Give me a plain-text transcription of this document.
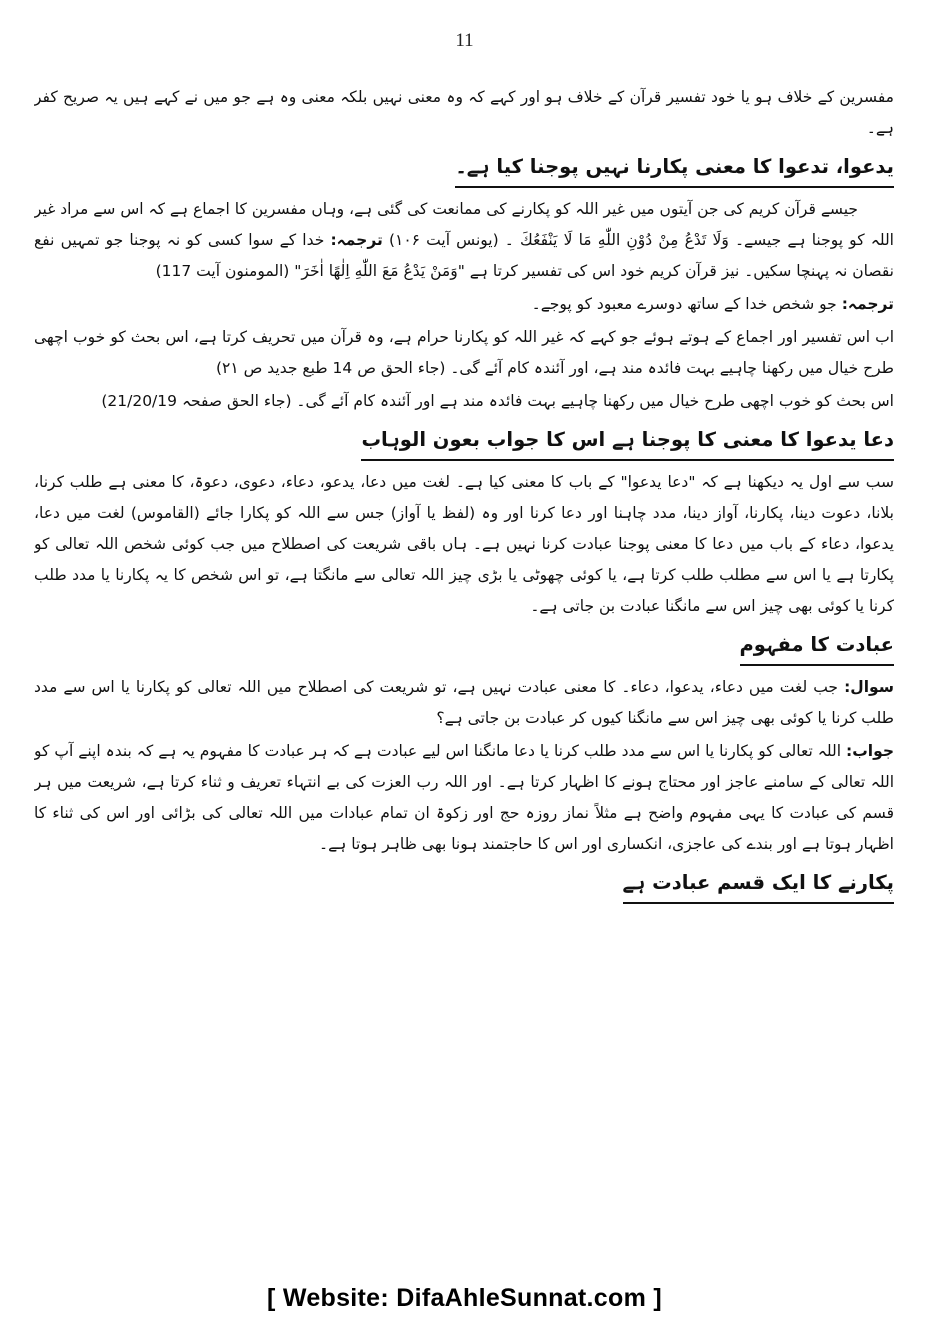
11

مفسرین کے خلاف ہو یا خود تفسیر قرآن کے خلاف ہو اور کہے کہ وہ معنی نہیں بلکہ معنی وہ ہے جو میں نے کہے ہیں یہ صریح کفر ہے۔

یدعوا، تدعوا کا معنی پکارنا نہیں پوجنا کیا ہے۔

جیسے قرآن کریم کی جن آیتوں میں غیر اللہ کو پکارنے کی ممانعت کی گئی ہے، وہاں مفسرین کا اجماع ہے کہ اس سے مراد غیر اللہ کو پوجنا ہے جیسے۔ وَلَا تَدْعُ مِنْ دُوْنِ اللّٰهِ مَا لَا يَنْفَعُكَ ۔ (یونس آیت ۱۰۶) ترجمہ: خدا کے سوا کسی کو نہ پوجنا جو تمہیں نفع نقصان نہ پہنچا سکیں۔ نیز قرآن کریم خود اس کی تفسیر کرتا ہے "وَمَنْ يَدْعُ مَعَ اللّٰهِ اِلٰهًا اٰخَرَ" (المومنون آیت 117)

ترجمہ: جو شخص خدا کے ساتھ دوسرے معبود کو پوجے۔

اب اس تفسیر اور اجماع کے ہوتے ہوئے جو کہے کہ غیر اللہ کو پکارنا حرام ہے، وہ قرآن میں تحریف کرتا ہے، اس بحث کو خوب اچھی طرح خیال میں رکھنا چاہیے بہت فائدہ مند ہے، اور آئندہ کام آئے گی۔ (جاء الحق ص 14 طبع جدید ص ۲۱)

اس بحث کو خوب اچھی طرح خیال میں رکھنا چاہیے بہت فائدہ مند ہے اور آئندہ کام آئے گی۔ (جاء الحق صفحہ 21/20/19)

دعا یدعوا کا معنی کا پوجنا ہے اس کا جواب بعون الوہاب

سب سے اول یہ دیکھنا ہے کہ "دعا یدعوا" کے باب کا معنی کیا ہے۔ لغت میں دعا، یدعو، دعاء، دعوی، دعوۃ، کا معنی ہے طلب کرنا، بلانا، دعوت دینا، پکارنا، آواز دینا، مدد چاہنا اور دعا کرنا اور وہ (لفظ یا آواز) جس سے اللہ کو پکارا جائے (القاموس) لغت میں دعا، یدعوا، دعاء کے باب میں دعا کا معنی پوجنا عبادت کرنا نہیں ہے۔ ہاں باقی شریعت کی اصطلاح میں جب کوئی شخص اللہ تعالی کو پکارتا ہے یا اس سے مطلب طلب کرتا ہے، یا کوئی چھوٹی یا بڑی چیز اللہ تعالی سے مانگتا ہے، تو اس شخص کا یہ پکارنا یا مدد طلب کرنا یا کوئی بھی چیز اس سے مانگنا عبادت بن جاتی ہے۔

عبادت کا مفہوم

سوال: جب لغت میں دعاء، یدعوا، دعاء۔ کا معنی عبادت نہیں ہے، تو شریعت کی اصطلاح میں اللہ تعالی کو پکارنا یا اس سے مدد طلب کرنا یا کوئی بھی چیز اس سے مانگنا کیوں کر عبادت بن جاتی ہے؟

جواب: اللہ تعالی کو پکارنا یا اس سے مدد طلب کرنا یا دعا مانگنا اس لیے عبادت ہے کہ ہر عبادت کا مفہوم یہ ہے کہ بندہ اپنے آپ کو اللہ تعالی کے سامنے عاجز اور محتاج ہونے کا اظہار کرتا ہے۔ اور اللہ رب العزت کی بے انتہاء تعریف و ثناء کرتا ہے، شریعت میں ہر قسم کی عبادت کا یہی مفہوم واضح ہے مثلاً نماز روزہ حج اور زکوۃ ان تمام عبادات میں اللہ تعالی کی بڑائی اور اس کی ثناء کا اظہار ہوتا ہے اور بندے کی عاجزی، انکساری اور اس کا حاجتمند ہونا بھی ظاہر ہوتا ہے۔

پکارنے کا ایک قسم عبادت ہے
[ Website: DifaAhleSunnat.com ]
